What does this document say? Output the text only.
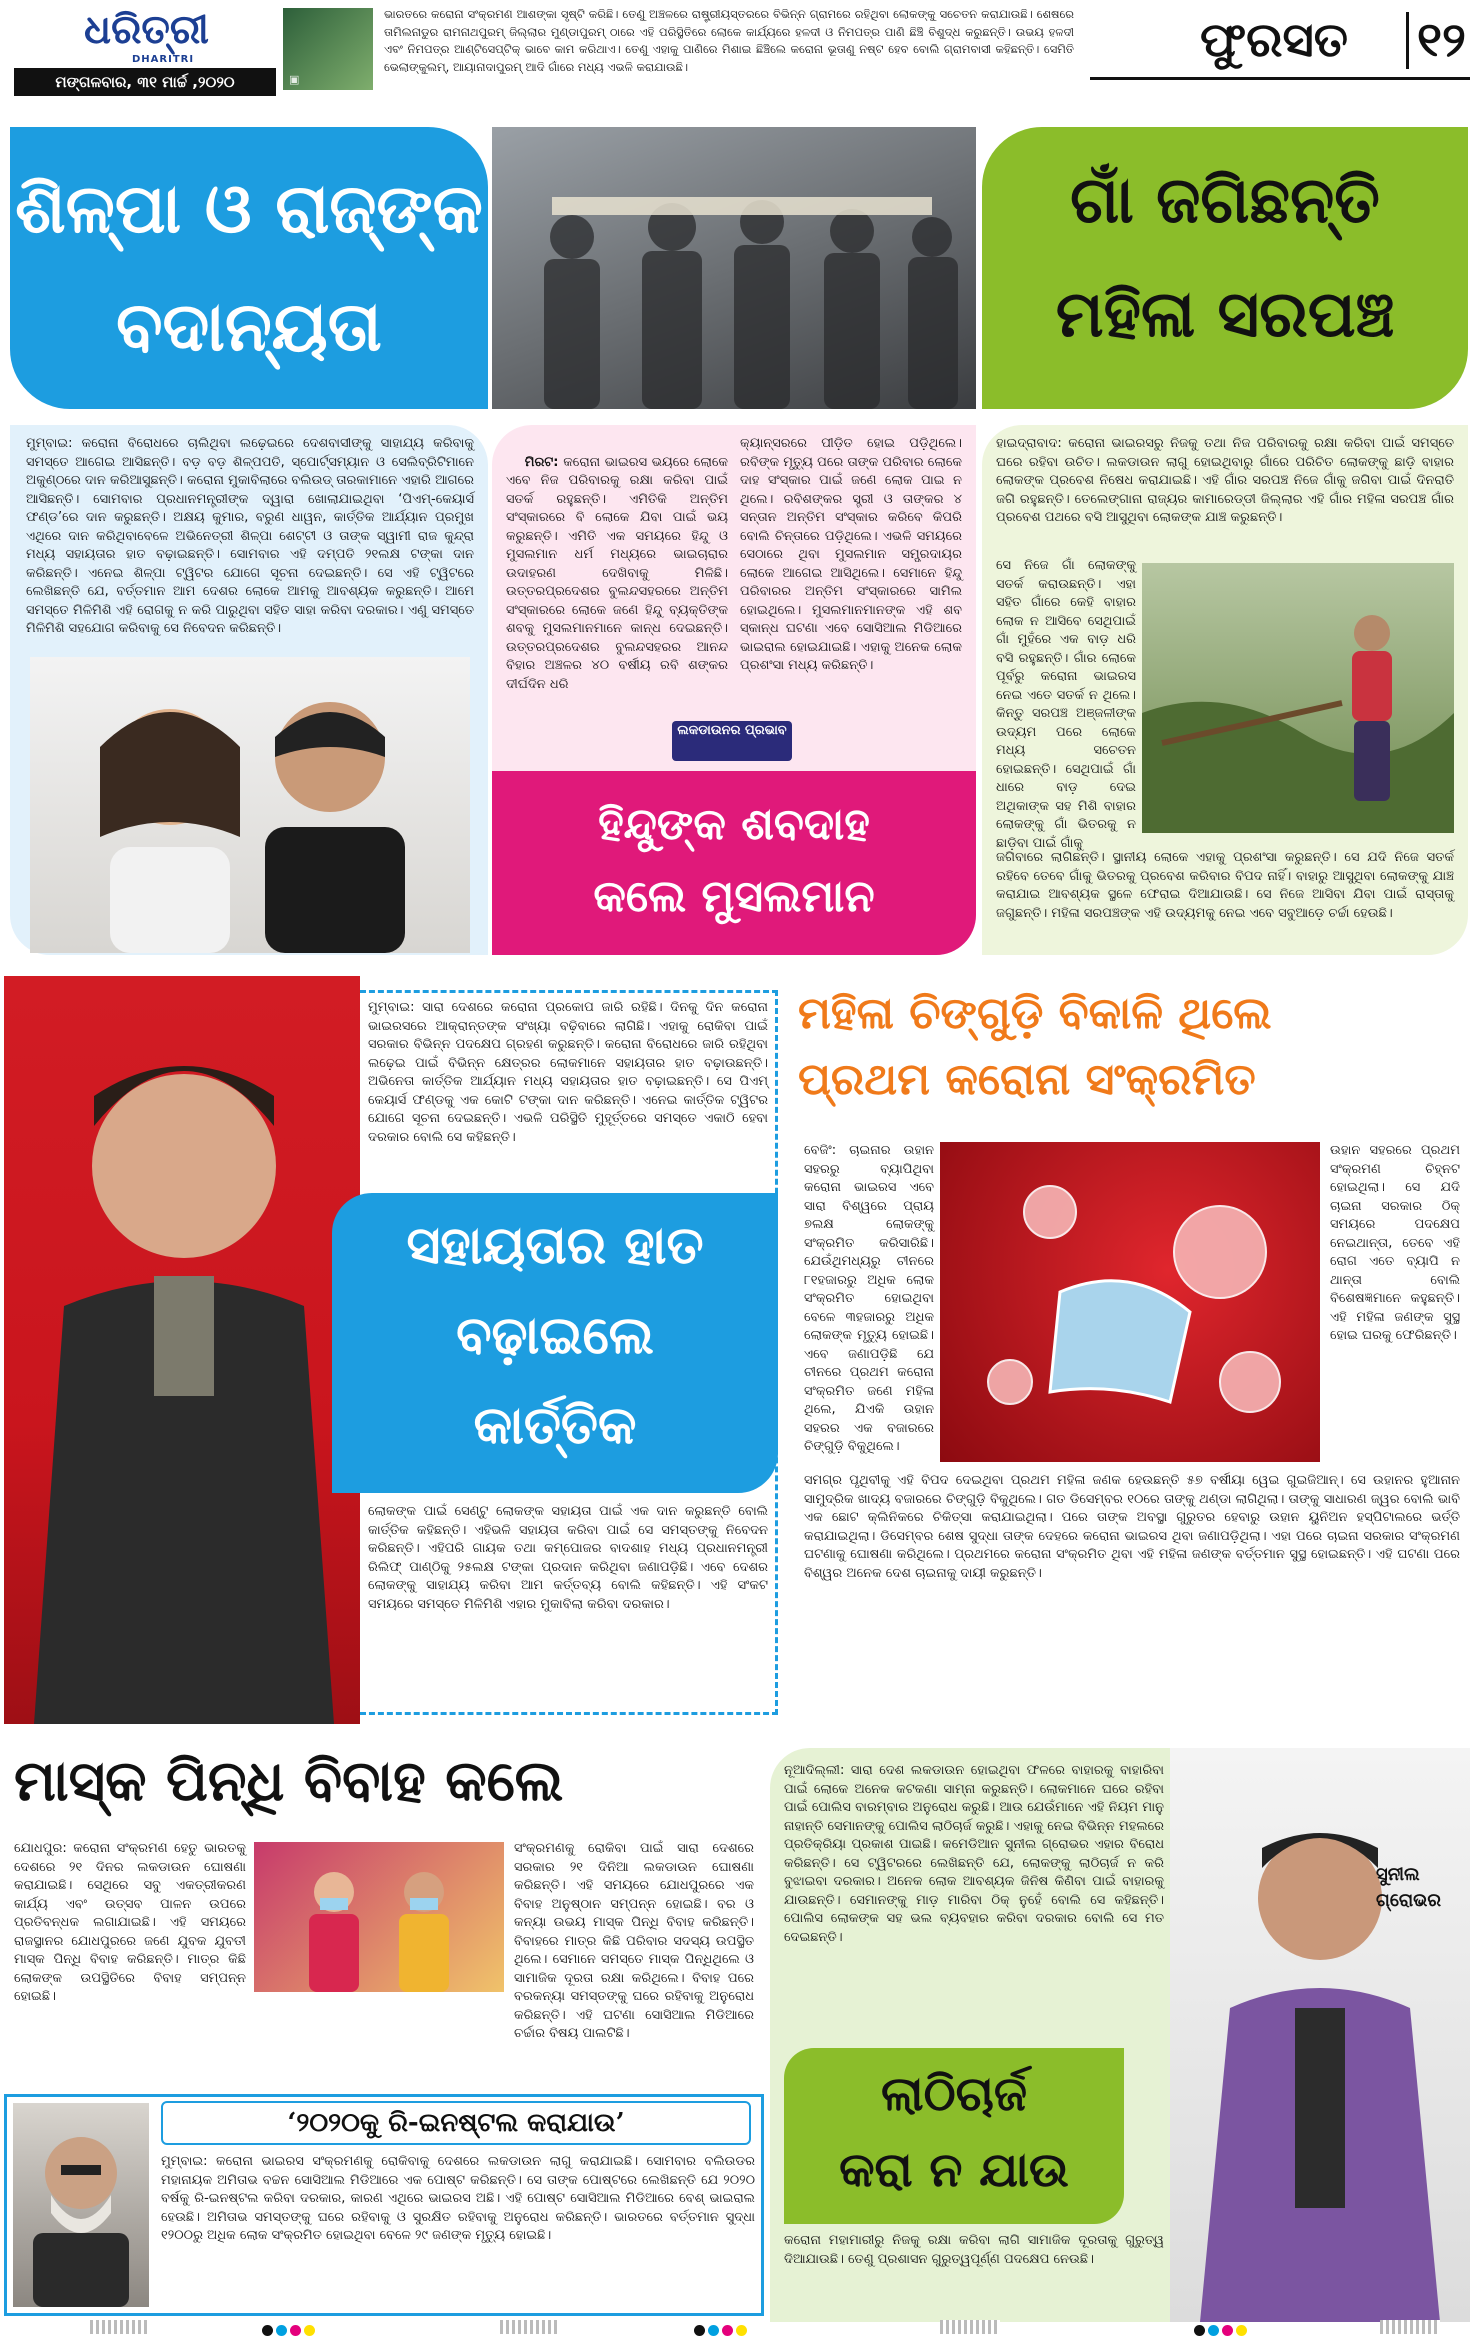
ଧରିତ୍ରୀ
DHARITRI
ମଙ୍ଗଳବାର, ୩୧ ମାର୍ଚ୍ଚ ,୨୦୨୦	▣
ଭାରତରେ କରୋନା ସଂକ୍ରମଣ ଆଶଙ୍କା ସୃଷ୍ଟି କରିଛି। ତେଣୁ ଅଞ୍ଚଳରେ ରାଷ୍ଟ୍ରୀୟସ୍ତରରେ ବିଭିନ୍ନ ଗ୍ରାମରେ ରହିଥିବା ଲୋକଙ୍କୁ ସଚେତନ କରାଯାଉଛି। ଶେଷରେ ତାମିଲନାଡୁର ରାମନାଥପୁରମ୍ ଜିଲ୍ଲାର ମୁଣ୍ଡାପୁରମ୍ ଠାରେ ଏହି ପରିସ୍ଥିତିରେ ଲୋକେ କାର୍ଯ୍ୟରେ ହଳଦୀ ଓ ନିମପତ୍ର ପାଣି ଛିଞ୍ଚି ବିଶୁଦ୍ଧ କରୁଛନ୍ତି। ଉଭୟ ହଳଦୀ ଏବଂ ନିମପତ୍ର ଆଣ୍ଟିସେପ୍ଟିକ୍ ଭାବେ କାମ କରିଥାଏ। ତେଣୁ ଏହାକୁ ପାଣିରେ ମିଶାଇ ଛିଞ୍ଚିଲେ କରୋନା ଭୂତାଣୁ ନଷ୍ଟ ହେବ ବୋଲି ଗ୍ରାମବାସୀ କହିଛନ୍ତି। ସେମିତି ଭେଲାଙ୍କୁଲମ୍, ଆୟାନାଦାପୁରମ୍ ଆଦି ଗାଁରେ ମଧ୍ୟ ଏଭଳି କରାଯାଉଛି।	ଫୁରସତ ୧୨
ଶିଳ୍ପା ଓ ରାଜ୍‌ଙ୍କ
ବଦାନ୍ୟତା
ଗାଁ ଜଗିଛନ୍ତି
ମହିଳା ସରପଞ୍ଚ
ମୁମ୍ବାଇ: କରୋନା ବିରୋଧରେ ଚାଲିଥିବା ଲଢ଼େଇରେ ଦେଶବାସୀଙ୍କୁ ସାହାଯ୍ୟ କରିବାକୁ ସମସ୍ତେ ଆଗେଇ ଆସିଛନ୍ତି। ବଡ଼ ବଡ଼ ଶିଳ୍ପପତି, ସ୍ପୋର୍ଟ୍ସମ୍ୟାନ ଓ ସେଲିବ୍ରିଟିମାନେ ଅକୁଣ୍ଠରେ ଦାନ କରିଆସୁଛନ୍ତି। କରୋନା ମୁକାବିଲାରେ ବଲିଉଡ୍ ତାରକାମାନେ ଏହାରି ଆଗରେ ଆସିଛନ୍ତି। ସୋମବାର ପ୍ରଧାନମନ୍ତ୍ରୀଙ୍କ ଦ୍ୱାରା ଖୋଲାଯାଇଥିବା ‘ପିଏମ୍-କେୟାର୍ସ ଫଣ୍ଡ’ରେ ଦାନ କରୁଛନ୍ତି। ଅକ୍ଷୟ କୁମାର, ବରୁଣ ଧାୱନ, କାର୍ତ୍ତିକ ଆର୍ଯ୍ୟାନ ପ୍ରମୁଖ ଏଥିରେ ଦାନ କରିଥିବାବେଳେ ଅଭିନେତ୍ରୀ ଶିଳ୍ପା ଶେଟ୍ଟୀ ଓ ତାଙ୍କ ସ୍ୱାମୀ ରାଜ କୁନ୍ଦ୍ରା ମଧ୍ୟ ସହାୟତାର ହାତ ବଢ଼ାଇଛନ୍ତି। ସୋମବାର ଏହି ଦମ୍ପତି ୨୧ଲକ୍ଷ ଟଙ୍କା ଦାନ କରିଛନ୍ତି। ଏନେଇ ଶିଳ୍ପା ଟ୍ୱିଟର ଯୋଗେ ସୂଚନା ଦେଇଛନ୍ତି। ସେ ଏହି ଟ୍ୱିଟରେ ଲେଖିଛନ୍ତି ଯେ, ବର୍ତ୍ତମାନ ଆମ ଦେଶର ଲୋକେ ଆମକୁ ଆବଶ୍ୟକ କରୁଛନ୍ତି। ଆମେ ସମସ୍ତେ ମିଳିମିଶି ଏହି ରୋଗକୁ ନ କରି ପାରୁଥିବା ସହିତ ସାହା କରିବା ଦରକାର। ଏଣୁ ସମସ୍ତେ ମିଳିମିଶି ସହଯୋଗ କରିବାକୁ ସେ ନିବେଦନ କରିଛନ୍ତି।

ମିରଟ: କରୋନା ଭାଇରସ ଭୟରେ ଲୋକେ ଏବେ ନିଜ ପରିବାରକୁ ରକ୍ଷା କରିବା ପାଇଁ ସତର୍କ ରହୁଛନ୍ତି। ଏମିତିକି ଅନ୍ତିମ ସଂସ୍କାରରେ ବି ଲୋକେ ଯିବା ପାଇଁ ଭୟ କରୁଛନ୍ତି। ଏମିତି ଏକ ସମୟରେ ହିନ୍ଦୁ ଓ ମୁସଲମାନ ଧର୍ମ ମଧ୍ୟରେ ଭାଇଚାରାର ଉଦାହରଣ ଦେଖିବାକୁ ମିଳିଛି। ଉତ୍ତରପ୍ରଦେଶର ବୁଲନ୍ଦସହରରେ ଅନ୍ତିମ ସଂସ୍କାରରେ ଲୋକେ ଜଣେ ହିନ୍ଦୁ ବ୍ୟକ୍ତିଙ୍କ ଶବକୁ ମୁସଲମାନମାନେ କାନ୍ଧ ଦେଇଛନ୍ତି। ଉତ୍ତରପ୍ରଦେଶର ବୁଲନ୍ଦସହରର ଆନନ୍ଦ ବିହାର ଅଞ୍ଚଳର ୪୦ ବର୍ଷୀୟ ରବି ଶଙ୍କର ଦୀର୍ଘଦିନ ଧରି

କ୍ୟାନ୍ସରରେ ପୀଡ଼ିତ ହୋଇ ପଡ଼ିଥିଲେ। ରବିଙ୍କ ମୃତ୍ୟୁ ପରେ ତାଙ୍କ ପରିବାର ଲୋକେ ଦାହ ସଂସ୍କାର ପାଇଁ ଜଣେ ଲୋକ ପାଇ ନ ଥିଲେ। ରବିଶଙ୍କର ସ୍ତ୍ରୀ ଓ ତାଙ୍କର ୪ ସନ୍ତାନ ଅନ୍ତିମ ସଂସ୍କାର କରିବେ କିପରି ବୋଲି ଚିନ୍ତାରେ ପଡ଼ିଥିଲେ। ଏଭଳି ସମୟରେ ସେଠାରେ ଥିବା ମୁସଲମାନ ସମ୍ପ୍ରଦାୟର ଲୋକେ ଆଗେଇ ଆସିଥିଲେ। ସେମାନେ ହିନ୍ଦୁ ପରିବାରର ଅନ୍ତିମ ସଂସ୍କାରରେ ସାମିଲ ହୋଇଥିଲେ। ମୁସଲମାନମାନଙ୍କ ଏହି ଶବ ସ୍କାନ୍ଧ ଘଟଣା ଏବେ ସୋସିଆଲ ମିଡିଆରେ ଭାଇରାଲ ହୋଇଯାଇଛି। ଏହାକୁ ଅନେକ ଲୋକ ପ୍ରଶଂସା ମଧ୍ୟ କରିଛନ୍ତି।
ଲକଡାଉନର ପ୍ରଭାବ
ହିନ୍ଦୁଙ୍କ ଶବଦାହ
କଲେ ମୁସଲମାନ
ହାଇଦ୍ରାବାଦ: କରୋନା ଭାଇରସରୁ ନିଜକୁ ତଥା ନିଜ ପରିବାରକୁ ରକ୍ଷା କରିବା ପାଇଁ ସମସ୍ତେ ଘରେ ରହିବା ଉଚିତ। ଲକଡାଉନ ଲାଗୁ ହୋଇଥିବାରୁ ଗାଁରେ ପରିଚିତ ଲୋକଙ୍କୁ ଛାଡ଼ି ବାହାର ଲୋକଙ୍କ ପ୍ରବେଶ ନିଷେଧ କରାଯାଇଛି। ଏହି ଗାଁର ସରପଞ୍ଚ ନିଜେ ଗାଁକୁ ଜଗିବା ପାଇଁ ଦିନରାତି ଜଗି ରହୁଛନ୍ତି। ତେଲେଙ୍ଗାନା ରାଜ୍ୟର କାମାରେଡ୍ଡୀ ଜିଲ୍ଲାର ଏହି ଗାଁର ମହିଳା ସରପଞ୍ଚ ଗାଁର ପ୍ରବେଶ ପଥରେ ବସି ଆସୁଥିବା ଲୋକଙ୍କ ଯାଞ୍ଚ କରୁଛନ୍ତି।
ସେ ନିଜେ ଗାଁ ଲୋକଙ୍କୁ ସତର୍କ କରାଉଛନ୍ତି। ଏହା ସହିତ ଗାଁରେ କେହି ବାହାର ଲୋକ ନ ଆସିବେ ସେଥିପାଇଁ ଗାଁ ମୁହଁରେ ଏକ ବାଡ଼ ଧରି ବସି ରହୁଛନ୍ତି। ଗାଁର ଲୋକେ ପୂର୍ବରୁ କରୋନା ଭାଇରସ ନେଇ ଏତେ ସତର୍କ ନ ଥିଲେ। କିନ୍ତୁ ସରପଞ୍ଚ ଅଞ୍ଜଳୀଙ୍କ ଉଦ୍ୟମ ପରେ ଲୋକେ ମଧ୍ୟ ସଚେତନ ହୋଇଛନ୍ତି। ସେଥିପାଇଁ ଗାଁ ଧାରେ ବାଡ଼ ଦେଇ ଅଥିକାଙ୍କ ସହ ମିଶି ବାହାର ଲୋକଙ୍କୁ ଗାଁ ଭିତରକୁ ନ ଛାଡ଼ିବା ପାଇଁ ଗାଁକୁ
ଜଗିବାରେ ଲାଗିଛନ୍ତି। ସ୍ଥାନୀୟ ଲୋକେ ଏହାକୁ ପ୍ରଶଂସା କରୁଛନ୍ତି। ସେ ଯଦି ନିଜେ ସତର୍କ ରହିବେ ତେବେ ଗାଁକୁ ଭିତରକୁ ପ୍ରବେଶ କରିବାର ବିପଦ ନାହିଁ। ବାହାରୁ ଆସୁଥିବା ଲୋକଙ୍କୁ ଯାଞ୍ଚ କରାଯାଇ ଆବଶ୍ୟକ ସ୍ଥଳେ ଫେରାଇ ଦିଆଯାଉଛି। ସେ ନିଜେ ଆସିବା ଯିବା ପାଇଁ ରାସ୍ତାକୁ ଜଗୁଛନ୍ତି। ମହିଳା ସରପଞ୍ଚଙ୍କ ଏହି ଉଦ୍ୟମକୁ ନେଇ ଏବେ ସବୁଆଡ଼େ ଚର୍ଚ୍ଚା ହେଉଛି।
ମୁମ୍ବାଇ: ସାରା ଦେଶରେ କରୋନା ପ୍ରକୋପ ଜାରି ରହିଛି। ଦିନକୁ ଦିନ କରୋନା ଭାଇରସରେ ଆକ୍ରାନ୍ତଙ୍କ ସଂଖ୍ୟା ବଢ଼ିବାରେ ଲାଗିଛି। ଏହାକୁ ରୋକିବା ପାଇଁ ସରକାର ବିଭିନ୍ନ ପଦକ୍ଷେପ ଗ୍ରହଣ କରୁଛନ୍ତି। କରୋନା ବିରୋଧରେ ଜାରି ରହିଥିବା ଲଢ଼େଇ ପାଇଁ ବିଭିନ୍ନ କ୍ଷେତ୍ରର ଲୋକମାନେ ସହାୟତାର ହାତ ବଢ଼ାଉଛନ୍ତି। ଅଭିନେତା କାର୍ତ୍ତିକ ଆର୍ଯ୍ୟାନ ମଧ୍ୟ ସହାୟତାର ହାତ ବଢ଼ାଇଛନ୍ତି। ସେ ପିଏମ୍ କେୟାର୍ସ ଫଣ୍ଡକୁ ଏକ କୋଟି ଟଙ୍କା ଦାନ କରିଛନ୍ତି। ଏନେଇ କାର୍ତ୍ତିକ ଟ୍ୱିଟର ଯୋଗେ ସୂଚନା ଦେଇଛନ୍ତି। ଏଭଳି ପରିସ୍ଥିତି ମୁହୂର୍ତ୍ତରେ ସମସ୍ତେ ଏକାଠି ହେବା ଦରକାର ବୋଲି ସେ କହିଛନ୍ତି।
ସହାୟତାର ହାତ
ବଢ଼ାଇଲେ
କାର୍ତ୍ତିକ
ଲୋକଙ୍କ ପାଇଁ ସେଣ୍ଟୁ ଲୋକଙ୍କ ସହାୟତା ପାଇଁ ଏକ ଦାନ କରୁଛନ୍ତି ବୋଲି କାର୍ତ୍ତିକ କହିଛନ୍ତି। ଏହିଭଳି ସହାୟତା କରିବା ପାଇଁ ସେ ସମସ୍ତଙ୍କୁ ନିବେଦନ କରିଛନ୍ତି। ଏହିପରି ଗାୟକ ତଥା କମ୍ପୋଜର ବାଦଶାହ ମଧ୍ୟ ପ୍ରଧାନମନ୍ତ୍ରୀ ରିଲିଫ୍ ପାଣ୍ଠିକୁ ୨୫ଲକ୍ଷ ଟଙ୍କା ପ୍ରଦାନ କରିଥିବା ଜଣାପଡ଼ିଛି। ଏବେ ଦେଶର ଲୋକଙ୍କୁ ସାହାଯ୍ୟ କରିବା ଆମ କର୍ତ୍ତବ୍ୟ ବୋଲି କହିଛନ୍ତି। ଏହି ସଂକଟ ସମୟରେ ସମସ୍ତେ ମିଳିମିଶି ଏହାର ମୁକାବିଲା କରିବା ଦରକାର।
ମହିଳା ଚିଙ୍ଗୁଡ଼ି ବିକାଳି ଥିଲେ
ପ୍ରଥମ କରୋନା ସଂକ୍ରମିତ
ବେଜିଂ: ଚାଇନାର ଉହାନ ସହରରୁ ବ୍ୟାପିଥିବା କରୋନା ଭାଇରସ ଏବେ ସାରା ବିଶ୍ୱରେ ପ୍ରାୟ ୭ଲକ୍ଷ ଲୋକଙ୍କୁ ସଂକ୍ରମିତ କରିସାରିଛି। ଯେଉଁଥିମଧ୍ୟରୁ ଚୀନରେ ୮୧ହଜାରରୁ ଅଧିକ ଲୋକ ସଂକ୍ରମିତ ହୋଇଥିବା ବେଳେ ୩ହଜାରରୁ ଅଧିକ ଲୋକଙ୍କ ମୃତ୍ୟୁ ହୋଇଛି। ଏବେ ଜଣାପଡ଼ିଛି ଯେ ଚୀନରେ ପ୍ରଥମ କରୋନା ସଂକ୍ରମିତ ଜଣେ ମହିଳା ଥିଲେ, ଯିଏକି ଉହାନ ସହରର ଏକ ବଜାରରେ ଚିଙ୍ଗୁଡ଼ି ବିକୁଥିଲେ।
ଉହାନ ସହରରେ ପ୍ରଥମ ସଂକ୍ରମଣ ଚିହ୍ନଟ ହୋଇଥିଲା। ସେ ଯଦି ଚାଇନା ସରକାର ଠିକ୍ ସମୟରେ ପଦକ୍ଷେପ ନେଇଥାନ୍ତା, ତେବେ ଏହି ରୋଗ ଏତେ ବ୍ୟାପି ନ ଥାନ୍ତା ବୋଲି ବିଶେଷଜ୍ଞମାନେ କହୁଛନ୍ତି। ଏହି ମହିଳା ଜଣଙ୍କ ସୁସ୍ଥ ହୋଇ ଘରକୁ ଫେରିଛନ୍ତି।
ସମଗ୍ର ପୃଥିବୀକୁ ଏହି ବିପଦ ଦେଇଥିବା ପ୍ରଥମ ମହିଳା ଜଣକ ହେଉଛନ୍ତି ୫୭ ବର୍ଷୀୟା ୱେଇ ଗୁଇଜିଆନ୍। ସେ ଉହାନର ହୁଆନାନ ସାମୁଦ୍ରିକ ଖାଦ୍ୟ ବଜାରରେ ଚିଙ୍ଗୁଡ଼ି ବିକୁଥିଲେ। ଗତ ଡିସେମ୍ବର ୧୦ରେ ତାଙ୍କୁ ଥଣ୍ଡା ଲାଗିଥିଲା। ତାଙ୍କୁ ସାଧାରଣ ଜ୍ୱର ବୋଲି ଭାବି ଏକ ଛୋଟ କ୍ଲିନିକରେ ଚିକିତ୍ସା କରାଯାଇଥିଲା। ପରେ ତାଙ୍କ ଅବସ୍ଥା ଗୁରୁତର ହେବାରୁ ଉହାନ ୟୁନିଅନ ହସ୍ପିଟାଲରେ ଭର୍ତ୍ତି କରାଯାଇଥିଲା। ଡିସେମ୍ବର ଶେଷ ସୁଦ୍ଧା ତାଙ୍କ ଦେହରେ କରୋନା ଭାଇରସ ଥିବା ଜଣାପଡ଼ିଥିଲା। ଏହା ପରେ ଚାଇନା ସରକାର ସଂକ୍ରମଣ ଘଟଣାକୁ ଘୋଷଣା କରିଥିଲେ। ପ୍ରଥମରେ କରୋନା ସଂକ୍ରମିତ ଥିବା ଏହି ମହିଳା ଜଣଙ୍କ ବର୍ତ୍ତମାନ ସୁସ୍ଥ ହୋଇଛନ୍ତି। ଏହି ଘଟଣା ପରେ ବିଶ୍ୱର ଅନେକ ଦେଶ ଚାଇନାକୁ ଦାୟୀ କରୁଛନ୍ତି।
ମାସ୍କ ପିନ୍ଧି ବିବାହ କଲେ
ଯୋଧପୁର: କରୋନା ସଂକ୍ରମଣ ହେତୁ ଭାରତକୁ ଦେଶରେ ୨୧ ଦିନର ଲକଡାଉନ ଘୋଷଣା କରାଯାଇଛି। ସେଥିରେ ସବୁ ଏକତ୍ରୀକରଣ କାର୍ଯ୍ୟ ଏବଂ ଉତ୍ସବ ପାଳନ ଉପରେ ପ୍ରତିବନ୍ଧକ ଲଗାଯାଇଛି। ଏହି ସମୟରେ ରାଜସ୍ଥାନର ଯୋଧପୁରରେ ଜଣେ ଯୁବକ ଯୁବତୀ ମାସ୍କ ପିନ୍ଧି ବିବାହ କରିଛନ୍ତି। ମାତ୍ର କିଛି ଲୋକଙ୍କ ଉପସ୍ଥିତିରେ ବିବାହ ସମ୍ପନ୍ନ ହୋଇଛି।
ସଂକ୍ରମଣକୁ ରୋକିବା ପାଇଁ ସାରା ଦେଶରେ ସରକାର ୨୧ ଦିନିଆ ଲକଡାଉନ ଘୋଷଣା କରିଛନ୍ତି। ଏହି ସମୟରେ ଯୋଧପୁରରେ ଏକ ବିବାହ ଅନୁଷ୍ଠାନ ସମ୍ପନ୍ନ ହୋଇଛି। ବର ଓ କନ୍ୟା ଉଭୟ ମାସ୍କ ପିନ୍ଧି ବିବାହ କରିଛନ୍ତି। ବିବାହରେ ମାତ୍ର କିଛି ପରିବାର ସଦସ୍ୟ ଉପସ୍ଥିତ ଥିଲେ। ସେମାନେ ସମସ୍ତେ ମାସ୍କ ପିନ୍ଧିଥିଲେ ଓ ସାମାଜିକ ଦୂରତା ରକ୍ଷା କରିଥିଲେ। ବିବାହ ପରେ ବରକନ୍ୟା ସମସ୍ତଙ୍କୁ ଘରେ ରହିବାକୁ ଅନୁରୋଧ କରିଛନ୍ତି। ଏହି ଘଟଣା ସୋସିଆଲ ମିଡିଆରେ ଚର୍ଚ୍ଚାର ବିଷୟ ପାଲଟିଛି।
‘୨୦୨୦କୁ ରି-ଇନଷ୍ଟଲ କରାଯାଉ’
ମୁମ୍ବାଇ: କରୋନା ଭାଇରସ ସଂକ୍ରମଣକୁ ରୋକିବାକୁ ଦେଶରେ ଲକଡାଉନ ଲାଗୁ କରାଯାଇଛି। ସୋମବାର ବଲିଉଡର ମହାନାୟକ ଅମିତାଭ ବଚ୍ଚନ ସୋସିଆଲ ମିଡିଆରେ ଏକ ପୋଷ୍ଟ କରିଛନ୍ତି। ସେ ତାଙ୍କ ପୋଷ୍ଟରେ ଲେଖିଛନ୍ତି ଯେ ୨୦୨୦ ବର୍ଷକୁ ରି-ଇନଷ୍ଟଲ କରିବା ଦରକାର, କାରଣ ଏଥିରେ ଭାଇରସ ଅଛି। ଏହି ପୋଷ୍ଟ ସୋସିଆଲ ମିଡିଆରେ ବେଶ୍ ଭାଇରାଲ ହେଉଛି। ଅମିତାଭ ସମସ୍ତଙ୍କୁ ଘରେ ରହିବାକୁ ଓ ସୁରକ୍ଷିତ ରହିବାକୁ ଅନୁରୋଧ କରିଛନ୍ତି। ଭାରତରେ ବର୍ତ୍ତମାନ ସୁଦ୍ଧା ୧୨୦୦ରୁ ଅଧିକ ଲୋକ ସଂକ୍ରମିତ ହୋଇଥିବା ବେଳେ ୨୯ ଜଣଙ୍କ ମୃତ୍ୟୁ ହୋଇଛି।
ନୂଆଦିଲ୍ଲୀ: ସାରା ଦେଶ ଲକଡାଉନ ହୋଇଥିବା ଫଳରେ ବାହାରକୁ ବାହାରିବା ପାଇଁ ଲୋକେ ଅନେକ କଟକଣା ସାମ୍ନା କରୁଛନ୍ତି। ଲୋକମାନେ ଘରେ ରହିବା ପାଇଁ ପୋଲିସ ବାରମ୍ବାର ଅନୁରୋଧ କରୁଛି। ଆଉ ଯେଉଁମାନେ ଏହି ନିୟମ ମାନୁ ନାହାନ୍ତି ସେମାନଙ୍କୁ ପୋଲିସ ଲାଠିଚାର୍ଜ କରୁଛି। ଏହାକୁ ନେଇ ବିଭିନ୍ନ ମହଲରେ ପ୍ରତିକ୍ରିୟା ପ୍ରକାଶ ପାଇଛି। କମେଡିଆନ ସୁନୀଲ ଗ୍ରୋଭର ଏହାର ବିରୋଧ କରିଛନ୍ତି। ସେ ଟ୍ୱିଟରରେ ଲେଖିଛନ୍ତି ଯେ, ଲୋକଙ୍କୁ ଲାଠିଚାର୍ଜ ନ କରି ବୁଝାଇବା ଦରକାର। ଅନେକ ଲୋକ ଆବଶ୍ୟକ ଜିନିଷ କିଣିବା ପାଇଁ ବାହାରକୁ ଯାଉଛନ୍ତି। ସେମାନଙ୍କୁ ମାଡ଼ ମାରିବା ଠିକ୍ ନୁହେଁ ବୋଲି ସେ କହିଛନ୍ତି। ପୋଲିସ ଲୋକଙ୍କ ସହ ଭଲ ବ୍ୟବହାର କରିବା ଦରକାର ବୋଲି ସେ ମତ ଦେଇଛନ୍ତି।
ସୁନୀଲ
ଗ୍ରୋଭର
ଲାଠିଚାର୍ଜ
କରା ନ ଯାଉ
କରୋନା ମହାମାରୀରୁ ନିଜକୁ ରକ୍ଷା କରିବା ଲାଗି ସାମାଜିକ ଦୂରତାକୁ ଗୁରୁତ୍ୱ ଦିଆଯାଉଛି। ତେଣୁ ପ୍ରଶାସନ ଗୁରୁତ୍ୱପୂର୍ଣ୍ଣ ପଦକ୍ଷେପ ନେଉଛି।
